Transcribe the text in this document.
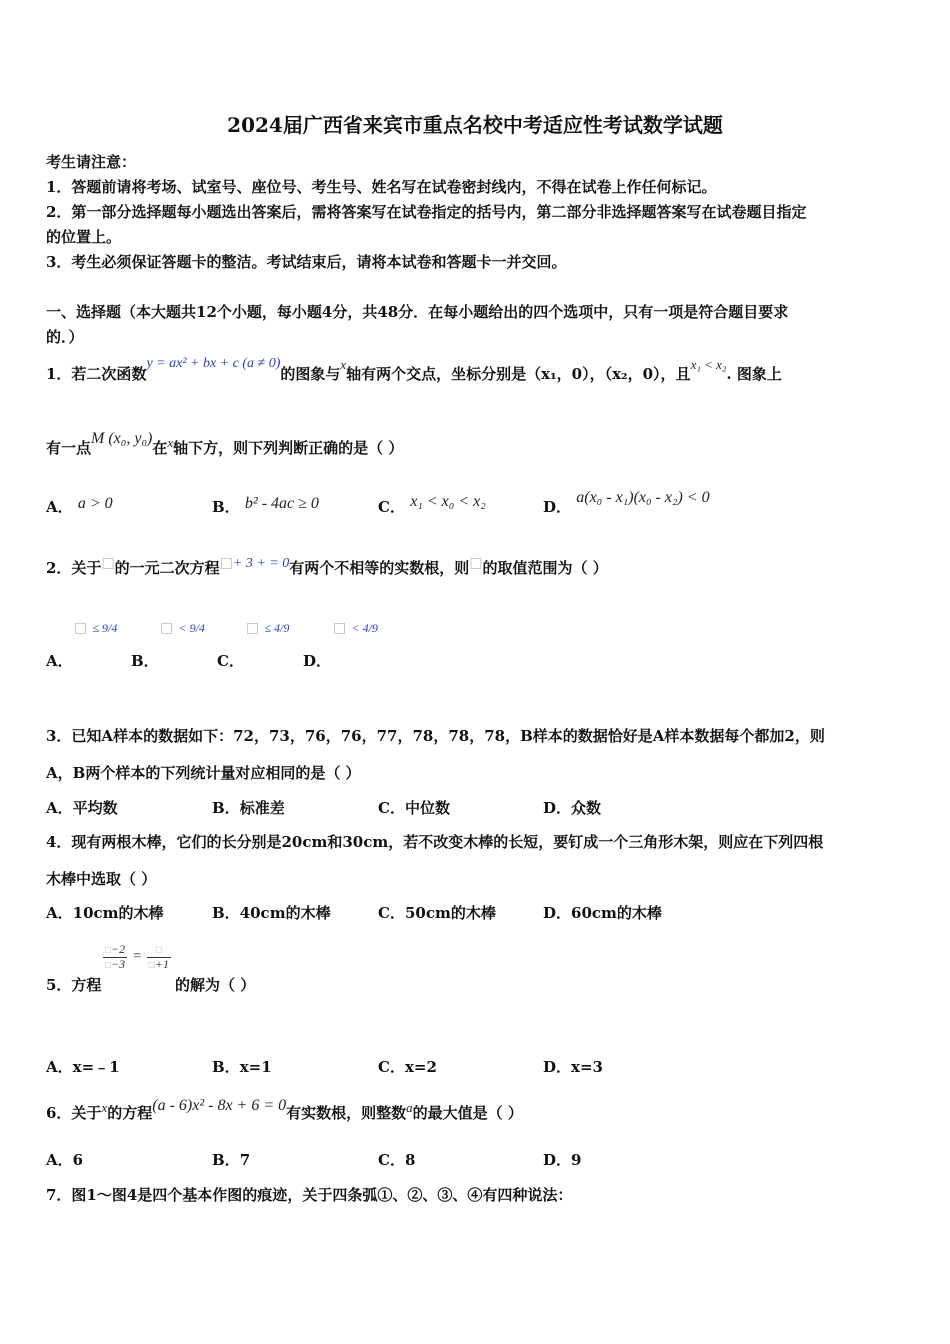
2024届广西省来宾市重点名校中考适应性考试数学试题
考生请注意：
1．答题前请将考场、试室号、座位号、考生号、姓名写在试卷密封线内，不得在试卷上作任何标记。
2．第一部分选择题每小题选出答案后，需将答案写在试卷指定的括号内，第二部分非选择题答案写在试卷题目指定
的位置上。
3．考生必须保证答题卡的整洁。考试结束后，请将本试卷和答题卡一并交回。
一、选择题（本大题共12个小题，每小题4分，共48分．在每小题给出的四个选项中，只有一项是符合题目要求
的．）
1．若二次函数y = ax² + bx + c (a ≠ 0)的图象与x轴有两个交点，坐标分别是（x₁，0），（x₂，0），且x₁ < x₂. 图象上
有一点M (x₀, y₀)在x轴下方，则下列判断正确的是（ ）
A． a > 0	B． b² - 4ac ≥ 0	C． x₁ < x₀ < x₂	D． a(x₀ - x₁)(x₀ - x₂) < 0
2．关于□的一元二次方程□+ 3 + = 0有两个不相等的实数根，则□的取值范围为（ ）
□ ≤ 9/4	□ < 9/4	□ ≤ 4/9	□ < 4/9
A．	B．	C．	D．
3．已知A样本的数据如下：72，73，76，76，77，78，78，78，B样本的数据恰好是A样本数据每个都加2，则
A，B两个样本的下列统计量对应相同的是（ ）
A．平均数	B．标准差	C．中位数	D．众数
4．现有两根木棒，它们的长分别是20cm和30cm，若不改变木棒的长短，要钉成一个三角形木架，则应在下列四根
木棒中选取（ ）
A．10cm的木棒	B．40cm的木棒	C．50cm的木棒	D．60cm的木棒
$\frac{□-2}{□-3} = \frac{□}{□+1}$
5．方程	的解为（ ）
A．x=﹣1	B．x=1	C．x=2	D．x=3
6．关于x的方程(a - 6)x² - 8x + 6 = 0有实数根，则整数a的最大值是（ ）
A．6	B．7	C．8	D．9
7．图1～图4是四个基本作图的痕迹，关于四条弧①、②、③、④有四种说法：
